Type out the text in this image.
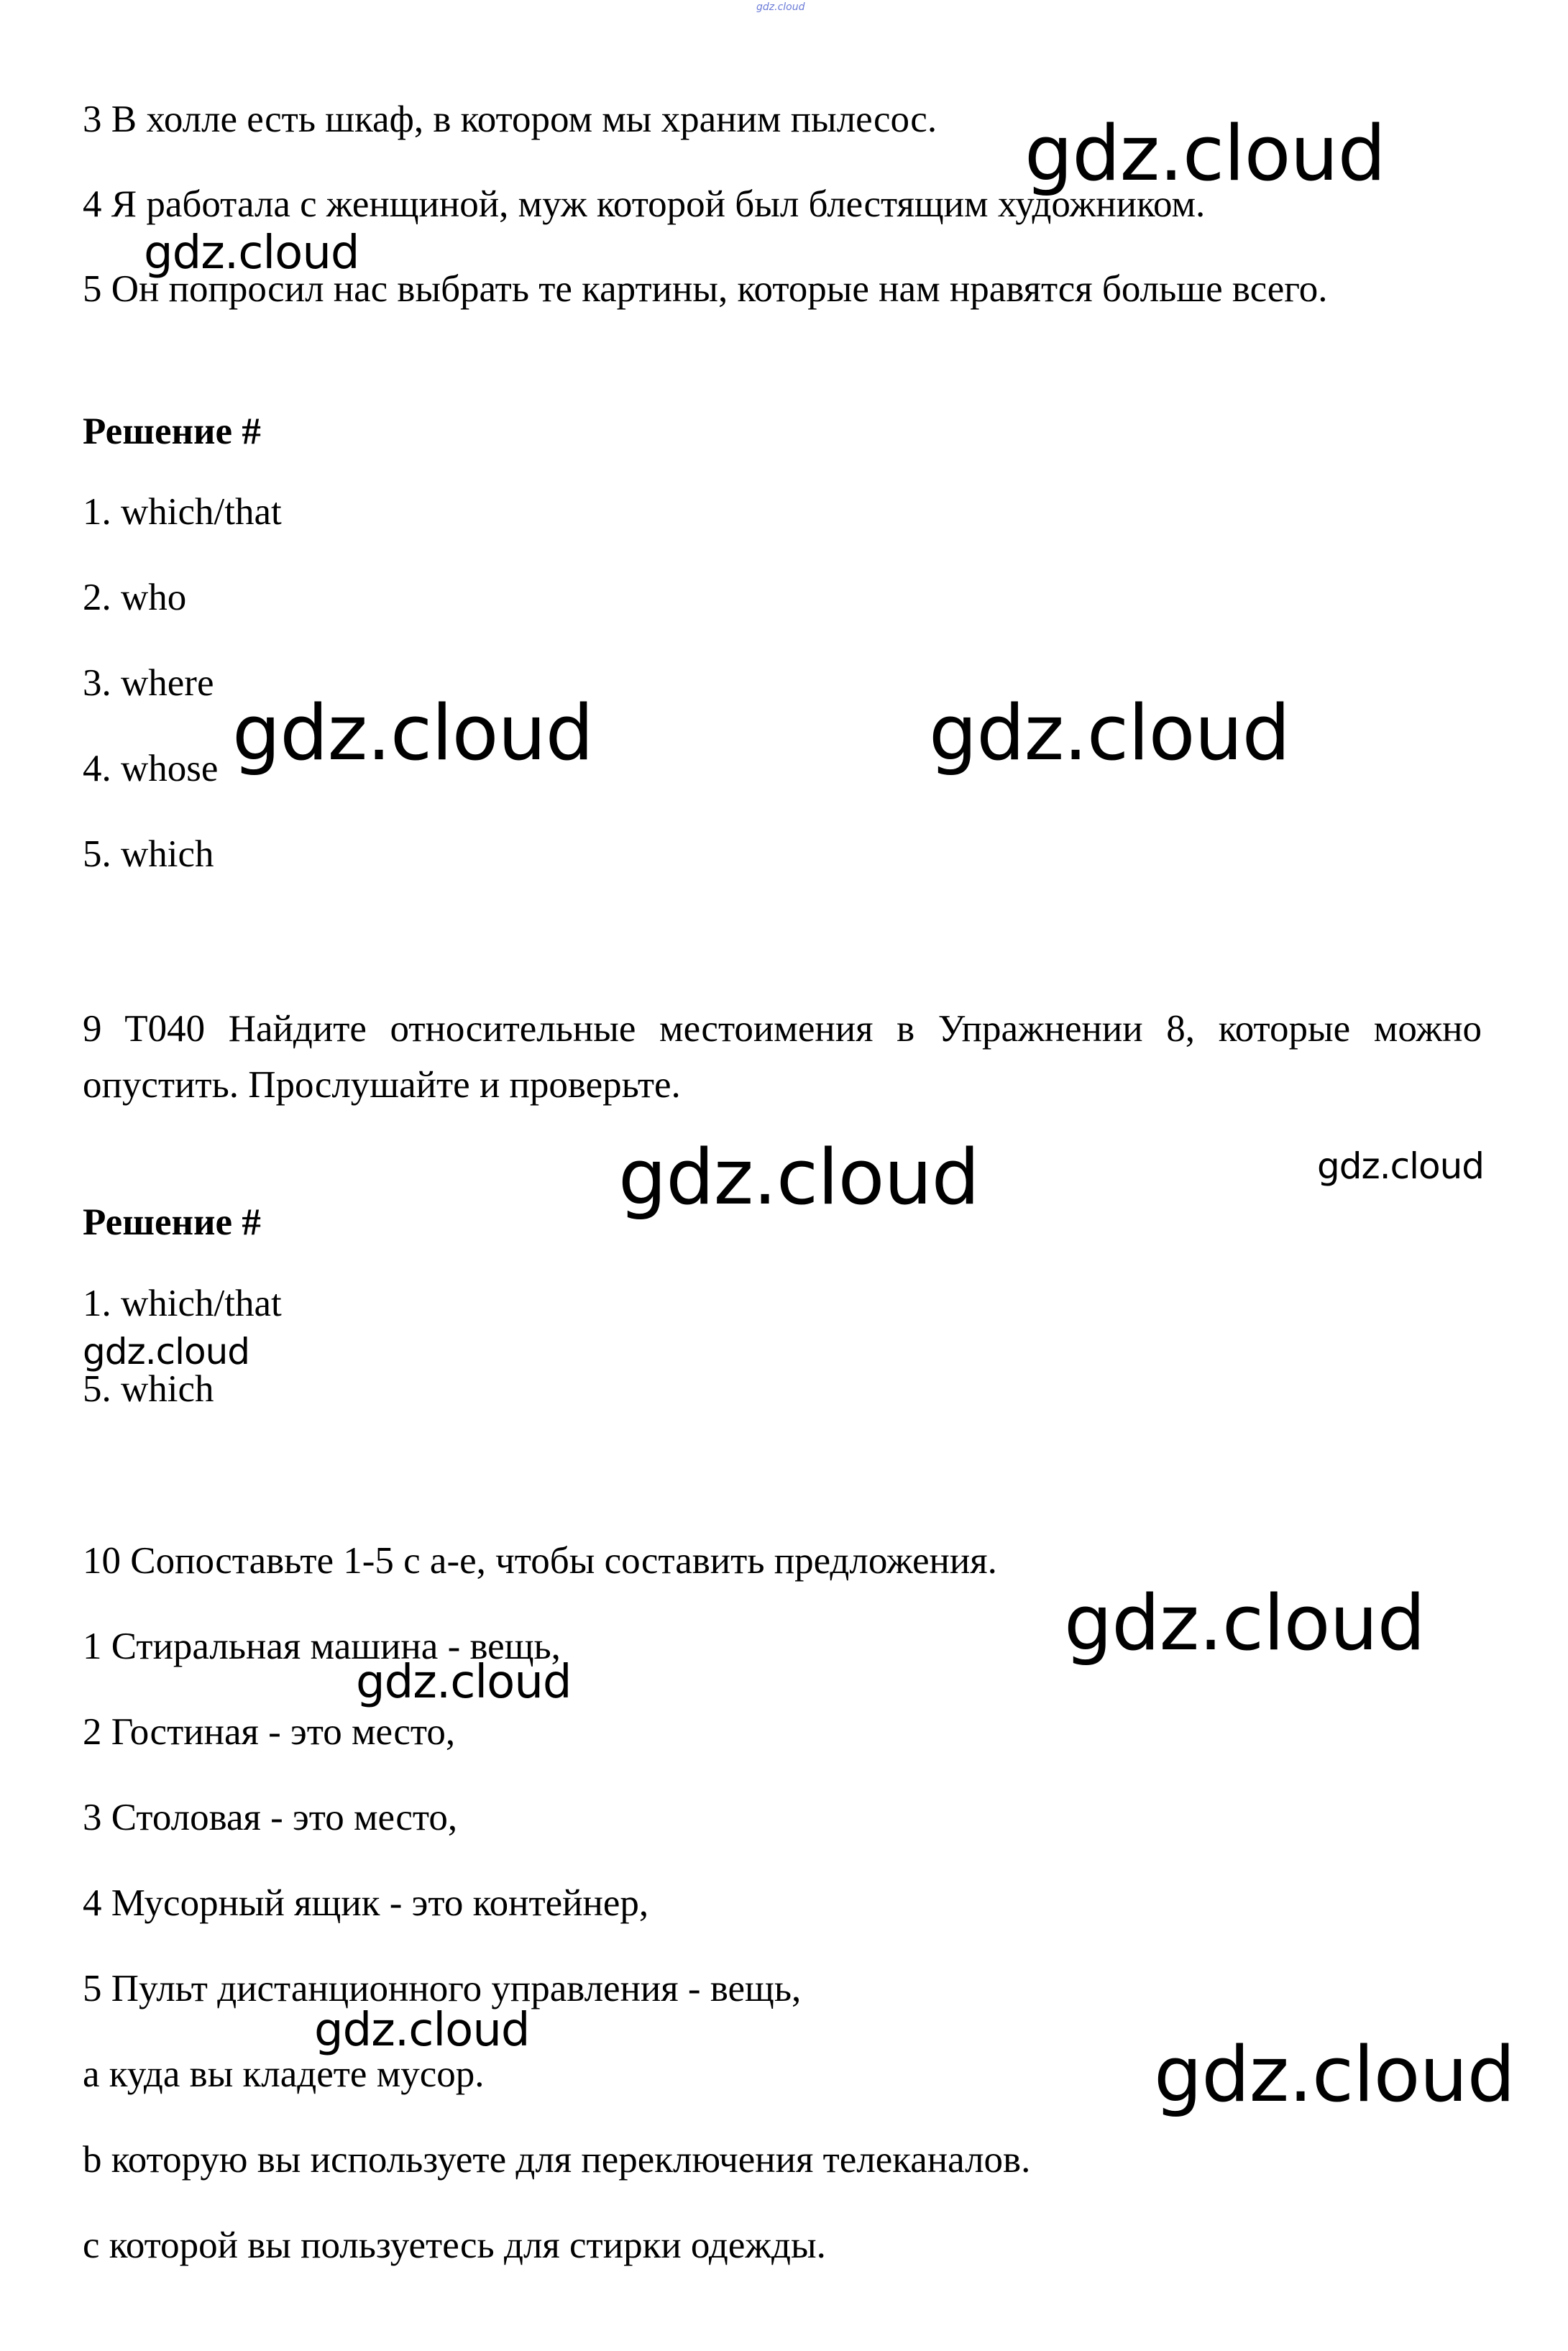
gdz.cloud

3 В холле есть шкаф, в котором мы храним пылесос.

4 Я работала с женщиной, муж которой был блестящим художником.

5 Он попросил нас выбрать те картины, которые нам нравятся больше всего.

Решение #

1. which/that

2. who

3. where

4. whose

5. which

9 T040 Найдите относительные местоимения в Упражнении 8, которые можно опустить. Прослушайте и проверьте.

Решение #

1. which/that

5. which

10 Сопоставьте 1-5 с a-e, чтобы составить предложения.

1 Стиральная машина - вещь,

2 Гостиная - это место,

3 Столовая - это место,

4 Мусорный ящик - это контейнер,

5 Пульт дистанционного управления - вещь,

a куда вы кладете мусор.

b которую вы используете для переключения телеканалов.

c которой вы пользуетесь для стирки одежды.

gdz.cloud
gdz.cloud
gdz.cloud	gdz.cloud
gdz.cloud	gdz.cloud
gdz.cloud
gdz.cloud
gdz.cloud
gdz.cloud	gdz.cloud
